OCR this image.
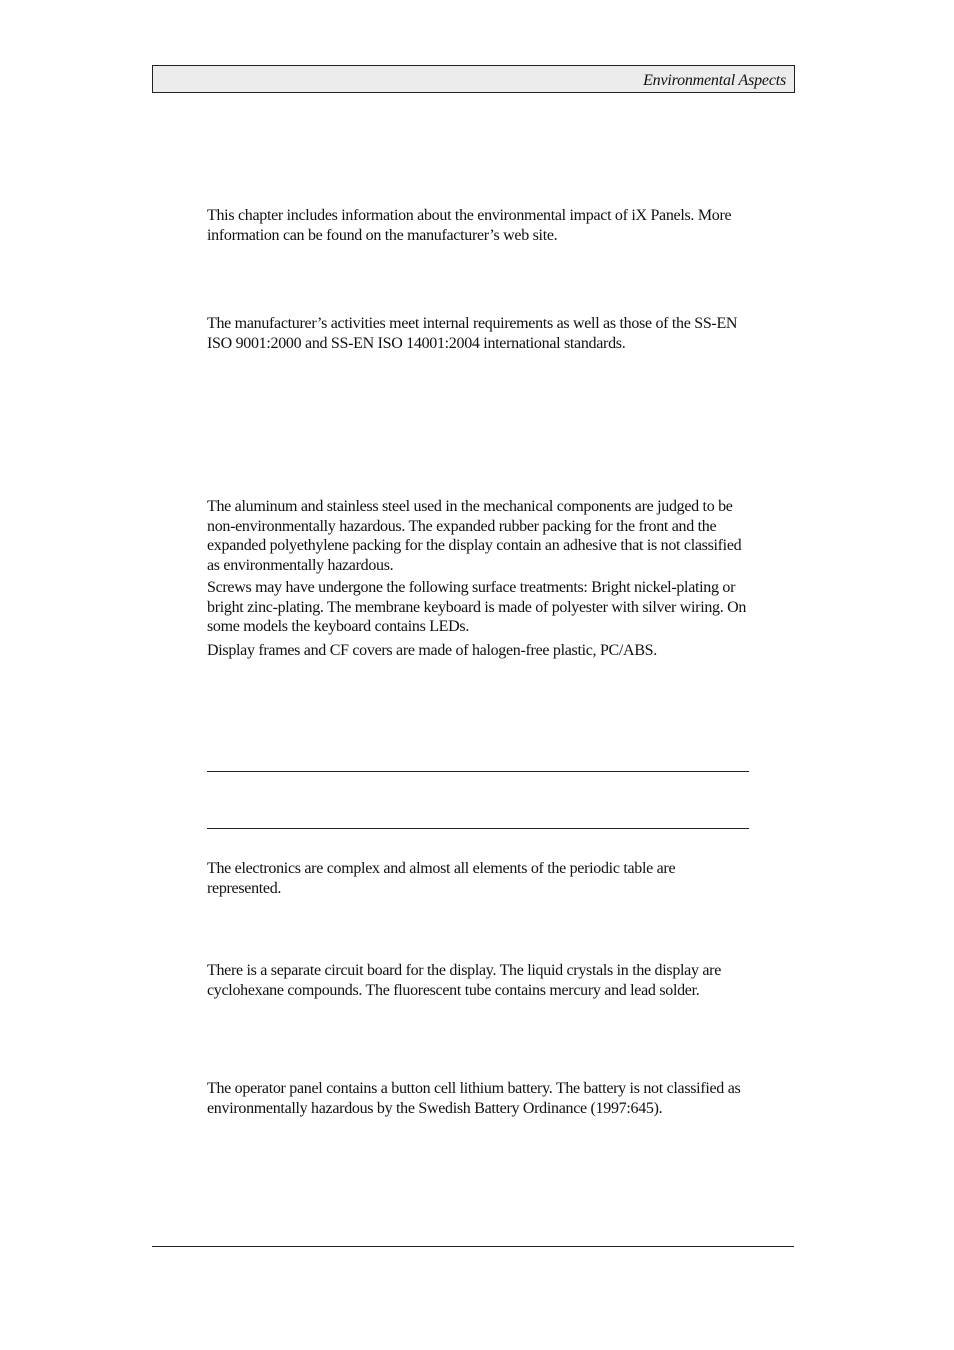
Environmental Aspects

This chapter includes information about the environmental impact of iX Panels. More information can be found on the manufacturer’s web site.

The manufacturer’s activities meet internal requirements as well as those of the SS-EN ISO 9001:2000 and SS-EN ISO 14001:2004 international standards.

The aluminum and stainless steel used in the mechanical components are judged to be non-environmentally hazardous. The expanded rubber packing for the front and the expanded polyethylene packing for the display contain an adhesive that is not classified as environmentally hazardous.

Screws may have undergone the following surface treatments: Bright nickel-plating or bright zinc-plating. The membrane keyboard is made of polyester with silver wiring. On some models the keyboard contains LEDs.

Display frames and CF covers are made of halogen-free plastic, PC/ABS.

The electronics are complex and almost all elements of the periodic table are represented.

There is a separate circuit board for the display. The liquid crystals in the display are cyclohexane compounds. The fluorescent tube contains mercury and lead solder.

The operator panel contains a button cell lithium battery. The battery is not classified as environmentally hazardous by the Swedish Battery Ordinance (1997:645).
